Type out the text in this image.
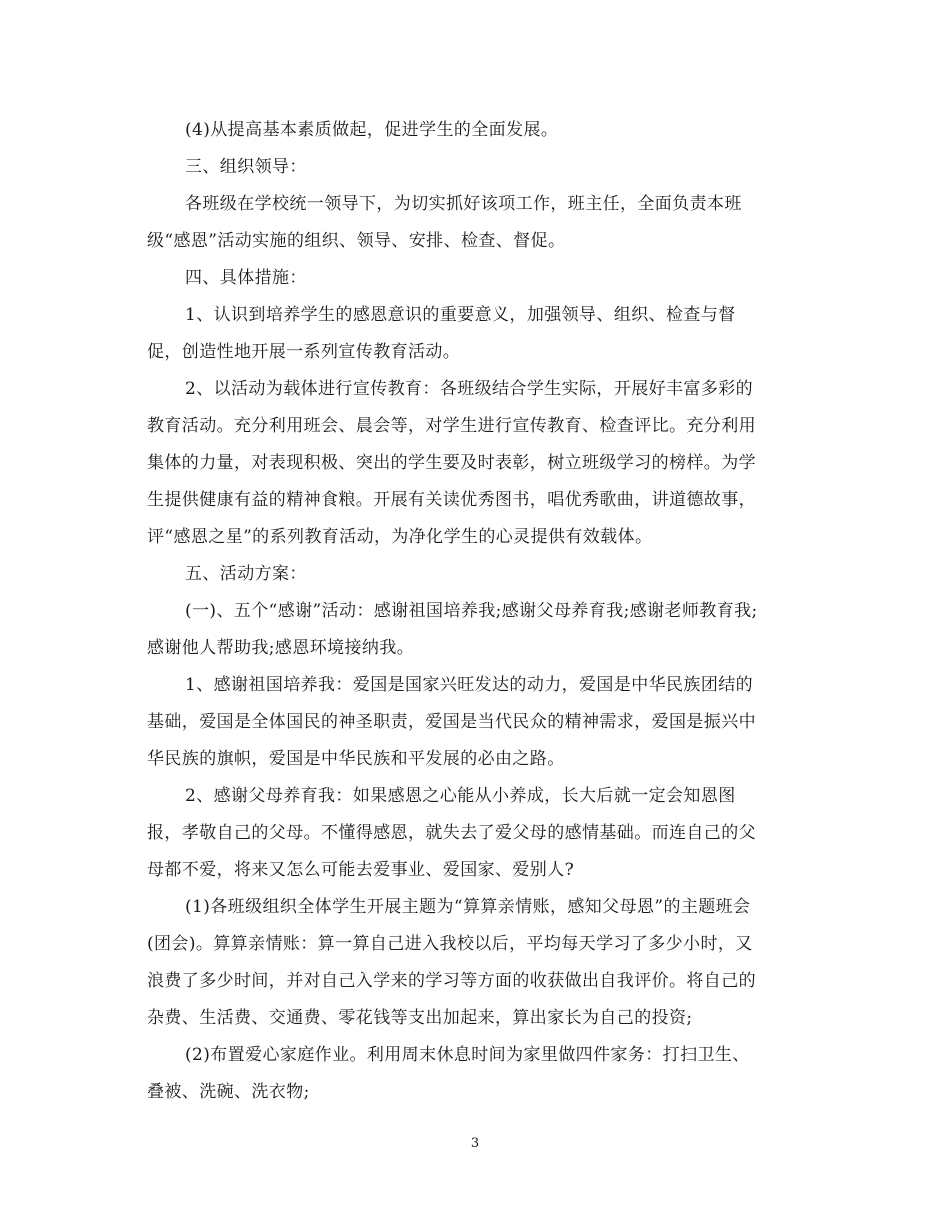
(4)从提高基本素质做起，促进学生的全面发展。
三、组织领导：
各班级在学校统一领导下，为切实抓好该项工作，班主任，全面负责本班
级“感恩”活动实施的组织、领导、安排、检查、督促。
四、具体措施：
1、认识到培养学生的感恩意识的重要意义，加强领导、组织、检查与督
促，创造性地开展一系列宣传教育活动。
2、以活动为载体进行宣传教育：各班级结合学生实际，开展好丰富多彩的
教育活动。充分利用班会、晨会等，对学生进行宣传教育、检查评比。充分利用
集体的力量，对表现积极、突出的学生要及时表彰，树立班级学习的榜样。为学
生提供健康有益的精神食粮。开展有关读优秀图书，唱优秀歌曲，讲道德故事，
评“感恩之星”的系列教育活动，为净化学生的心灵提供有效载体。
五、活动方案：
(一)、五个“感谢”活动：感谢祖国培养我;感谢父母养育我;感谢老师教育我;
感谢他人帮助我;感恩环境接纳我。
1、感谢祖国培养我：爱国是国家兴旺发达的动力，爱国是中华民族团结的
基础，爱国是全体国民的神圣职责，爱国是当代民众的精神需求，爱国是振兴中
华民族的旗帜，爱国是中华民族和平发展的必由之路。
2、感谢父母养育我：如果感恩之心能从小养成，长大后就一定会知恩图
报，孝敬自己的父母。不懂得感恩，就失去了爱父母的感情基础。而连自己的父
母都不爱，将来又怎么可能去爱事业、爱国家、爱别人?
(1)各班级组织全体学生开展主题为“算算亲情账，感知父母恩”的主题班会
(团会)。算算亲情账：算一算自己进入我校以后，平均每天学习了多少小时，又
浪费了多少时间，并对自己入学来的学习等方面的收获做出自我评价。将自己的
杂费、生活费、交通费、零花钱等支出加起来，算出家长为自己的投资;
(2)布置爱心家庭作业。利用周末休息时间为家里做四件家务：打扫卫生、
叠被、洗碗、洗衣物;
3
